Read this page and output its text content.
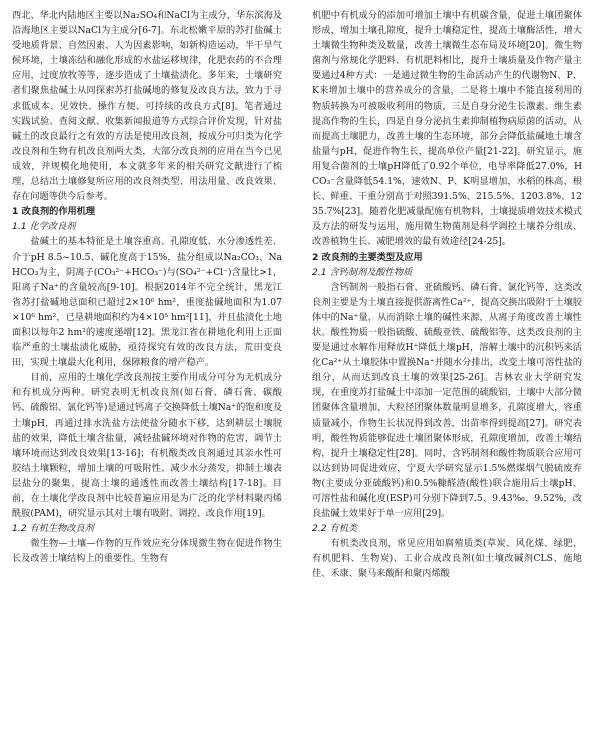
西北、华北内陆地区主要以Na₂SO₄和NaCl为主成分，华东滨海及沿海地区主要以NaCl为主成分[6-7]。东北松嫩平原的苏打盐碱土受地质背景、自然因素、人为因素影响，如新构造运动，半干旱气候环境，土壤冻结和融化形成的水盐运移规律，化肥农药的不合理应用，过度放牧等等，逐步造成了土壤盐渍化。多年来，土壤研究者们聚焦盐碱土从同探索苏打盐碱地的修复及改良方法，致力于寻求低成本、见效快、操作方便、可持续的改良方式[8]。笔者通过实践试验、查阅文献、收集新闻报道等方式综合评价发现，针对盐碱土的改良最行之有效的方法是使用改良剂，按成分可归类为化学改良剂和生物有机改良剂两大类，大部分改良剂的应用在当今已见成效，并规模化地使用，本文就多年来的相关研究文献进行了梳理，总结出土壤修复所应用的改良剂类型、用法用量、改良效果、存在问题等供今后参考。

1 改良剂的作用机理

1.1 化学改良剂

盐碱土的基本特征是土壤容重高、孔隙度低、水分渗透性差、介于pH 8.5~10.5、碱化度高于15%，盐分组成以Na₂CO₃、NaHCO₃为主，阴离子(CO₃²⁻+HCO₃⁻)与(SO₄²⁻+Cl⁻)含量比>1，阳离子Na⁺的含量较高[9-10]。根据2014年不完全统计，黑龙江省苏打盐碱地总面积已超过2×10⁶ hm²，重度盐碱地面积为1.07×10⁶ hm²，已垦耕地面积约为4×10⁵ hm²[11]，并且盐渍化土地面积以每年2 hm²的速度递增[12]。黑龙江省在耕地化利用上正面临严重的土壤盐渍化威胁，亟待探究有效的改良方法，荒田变良田，实现土壤最大化利用，保障粮食的增产稳产。

目前，应用的土壤化学改良剂按主要作用成分可分为无机成分和有机成分两种。研究表明无机改良剂(如石膏、磷石膏、碳酸钙、硫酸铝、氯化钙等)是通过钙离子交换降低土壤Na⁺的饱和度及土壤pH，再通过排水洗盐方法使盐分随水下移，达到耕层土壤脱盐的效果，降低土壤含盐量，减轻盐碱环境对作物的危害，调节土壤环境而达到改良效果[13-16]；有机酸类改良剂通过其亲水性可胶结土壤颗粒，增加土壤的可吸附性、减少水分蒸发，抑制土壤表层盐分的聚集、提高土壤的通透性而改善土壤结构[17-18]。目前，在土壤化学改良剂中比较普遍应用是为广泛的化学材料聚丙烯酰胺(PAM)，研究显示其对土壤有吸附、调控、改良作用[19]。

1.2 有机生物改良剂

微生物—土壤—作物的互作效应充分体现微生物在促进作物生长及改善土壤结构上的重要性。生物有

机肥中有机成分的添加可增加土壤中有机碳含量，促进土壤团聚体形成，增加土壤孔隙度，提升土壤稳定性，提高土壤酶活性，增大土壤微生物种类及数量，改善土壤微生态布局及环境[20]。微生物菌剂与常规化学肥料、有机肥料相比，提升土壤质量及作物产量主要通过4种方式：一是通过微生物的生命活动产生的代谢物N、P、K来增加土壤中的营养成分的含量，二是将土壤中不能直接利用的物质转换为可被吸收利用的物质，三是自身分泌生长激素、维生素提高作物的生长，四是自身分泌抗生素抑制植物病原菌的活动，从而提高土壤肥力，改善土壤的生态环境，部分会降低盐碱地土壤含盐量与pH，促进作物生长，提高单位产量[21-22]。研究显示，施用复合菌剂的土壤pH降低了0.92个单位，电导率降低27.0%，HCO₃⁻含量降低54.1%，速效N、P、K明显增加，水稻的株高、根长、鲜重、干重分别高于对照391.5%、215.5%、1203.8%、1235.7%[23]。随着化肥减量配施有机物料，土壤提质增效技术模式及方法的研发与运用，施用微生物菌剂是科学调控土壤养分组成、改善植物生长、减肥增效的最有效途径[24-25]。

2 改良剂的主要类型及应用

2.1 含钙制剂及酸性物质

含钙制剂一般指石膏、亚硫酸钙、磷石膏、氯化钙等，这类改良剂主要是为土壤直接提供游离性Ca²⁺，提高交换出吸附于土壤胶体中的Na⁺量，从而消除土壤的碱性来源，从离子角度改善土壤性状。酸性物质一般指硫酸、硫酸亚铁、硫酸铝等，这类改良剂的主要是通过水解作用释放H⁺降低土壤pH，溶解土壤中的沉积钙来活化Ca²⁺从土壤胶体中置换Na⁺并随水分排出，改变土壤可溶性盐的组分，从而达到改良土壤的效果[25-26]。吉林农业大学研究发现，在重度苏打盐碱土中添加一定范围的硫酸铝，土壤中大部分微团聚体含量增加，大粒径团聚体数量明显增多，孔隙度增大，容重质量减小，作物生长状况得到改善，出苗率得到提高[27]。研究表明，酸性物质能够促进土壤团聚体形成，孔隙度增加，改善土壤结构，提升土壤稳定性[28]。同时，含钙制剂和酸性物质联合应用可以达到协同促进效应，宁夏大学研究显示1.5%燃煤烟气脱硫废弃物(主要成分亚硫酸钙)和0.5%糠醛渣(酸性)联合施用后土壤pH、可溶性盐和碱化度(ESP)可分别下降到7.5、9.43‰、9.52%，改良盐碱土效果好于单一应用[29]。

2.2 有机类

有机类改良剂，常见应用如腐殖质类(草炭、风化煤、绿肥、有机肥料、生物炭)、工业合成改良剂(如土壤改碱剂CLS、施地佳、禾康、聚马来酸酐和聚丙烯酸
